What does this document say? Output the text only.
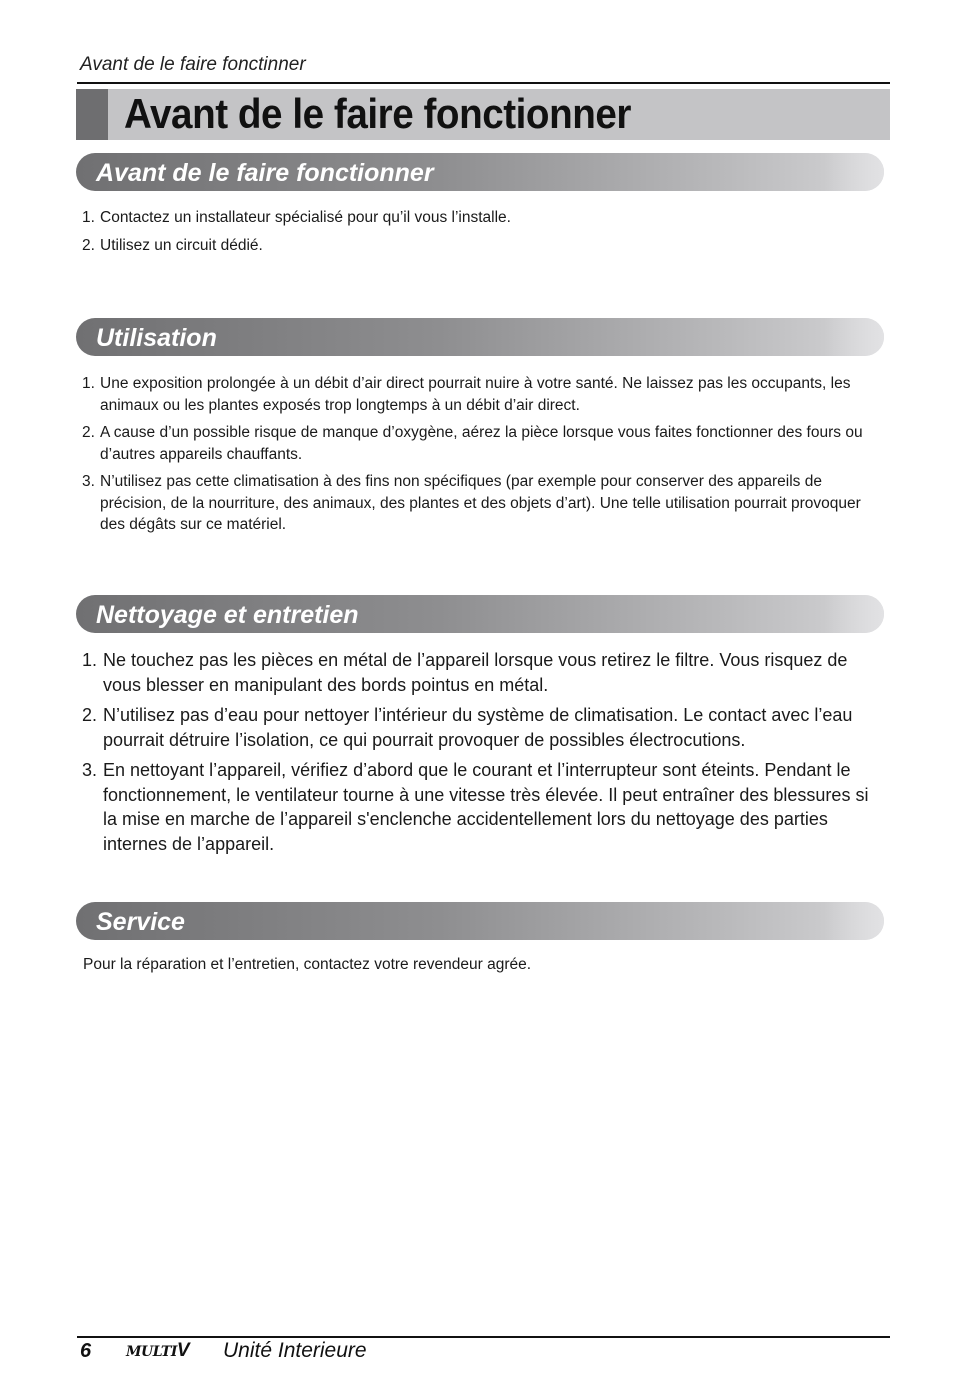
Avant de le faire fonctinner
Avant de le faire fonctionner
Avant de le faire fonctionner
1. Contactez un installateur spécialisé pour qu’il vous l’installe.
2. Utilisez un circuit dédié.
Utilisation
1. Une exposition prolongée à un débit d’air direct pourrait nuire à votre santé. Ne laissez pas les occupants, les animaux ou les plantes exposés trop longtemps à un débit d’air direct.
2. A cause d’un possible risque de manque d’oxygène, aérez la pièce lorsque vous faites fonctionner des fours ou d’autres appareils chauffants.
3. N’utilisez pas cette climatisation à des fins non spécifiques (par exemple pour conserver des appareils de précision, de la nourriture, des animaux, des plantes et des objets d’art). Une telle utilisation pourrait provoquer des dégâts sur ce matériel.
Nettoyage et entretien
1. Ne touchez pas les pièces en métal de l’appareil lorsque vous retirez le filtre. Vous risquez de vous blesser en manipulant des bords pointus en métal.
2. N’utilisez pas d’eau pour nettoyer l’intérieur du système de climatisation. Le contact avec l’eau pourrait détruire l’isolation, ce qui pourrait provoquer de possibles électrocutions.
3. En nettoyant l’appareil, vérifiez d’abord que le courant et l’interrupteur sont éteints. Pendant le fonctionnement, le ventilateur tourne à une vitesse très élevée. Il peut entraîner des blessures si la mise en marche de l’appareil s'enclenche accidentellement lors du nettoyage des parties internes de l’appareil.
Service
Pour la réparation et l’entretien, contactez votre revendeur agrée.
6 MULTIV Unité Interieure
